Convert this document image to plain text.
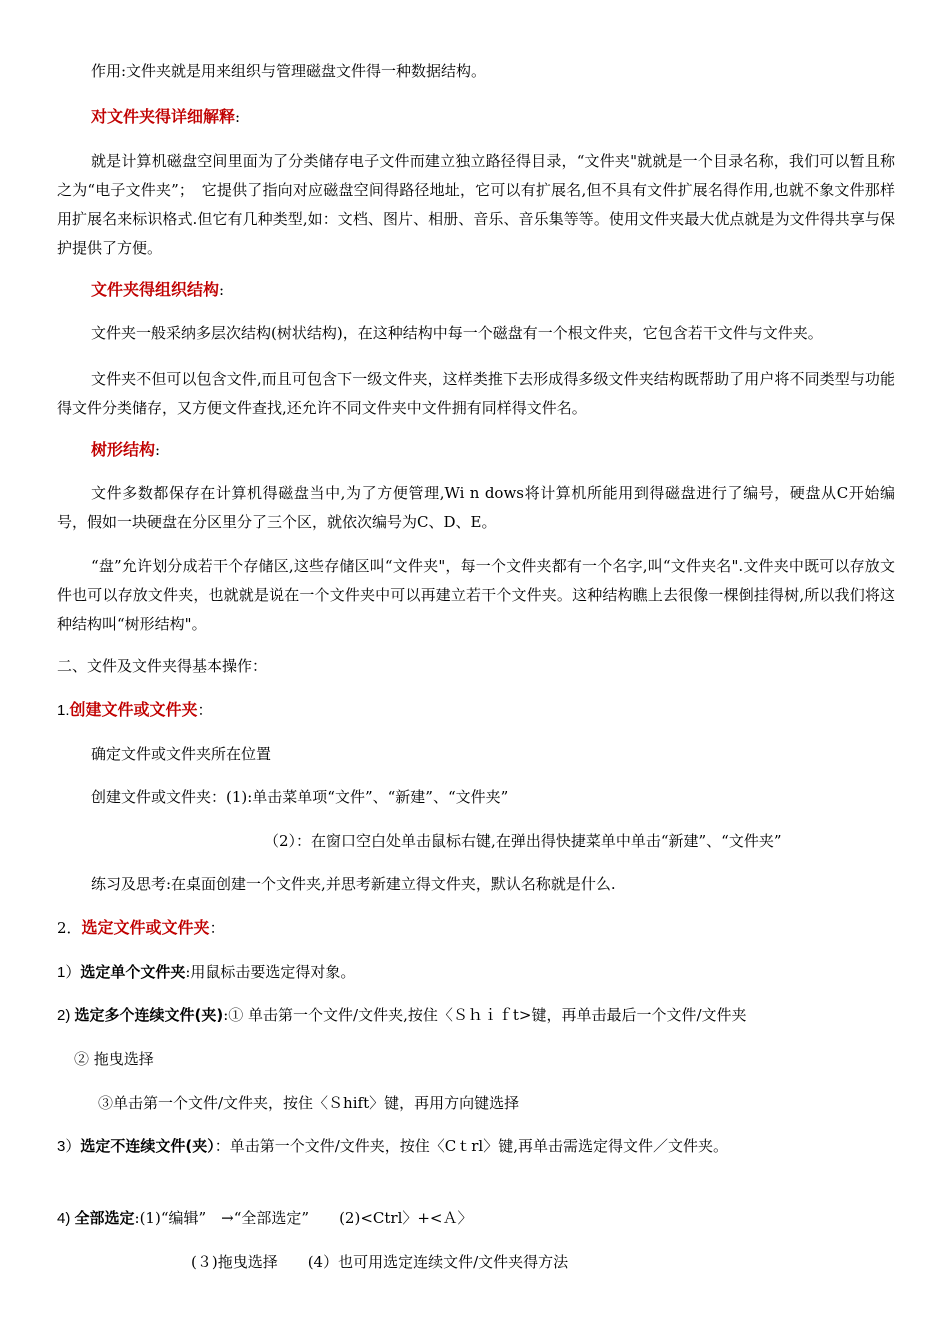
作用:文件夹就是用来组织与管理磁盘文件得一种数据结构。
对文件夹得详细解释:
就是计算机磁盘空间里面为了分类储存电子文件而建立独立路径得目录，“文件夹"就就是一个目录名称，我们可以暂且称之为“电子文件夹”；　它提供了指向对应磁盘空间得路径地址，它可以有扩展名,但不具有文件扩展名得作用,也就不象文件那样用扩展名来标识格式.但它有几种类型,如：文档、图片、相册、音乐、音乐集等等。使用文件夹最大优点就是为文件得共享与保护提供了方便。
文件夹得组织结构:
文件夹一般采纳多层次结构(树状结构)，在这种结构中每一个磁盘有一个根文件夹，它包含若干文件与文件夹。
文件夹不但可以包含文件,而且可包含下一级文件夹，这样类推下去形成得多级文件夹结构既帮助了用户将不同类型与功能得文件分类储存，又方便文件查找,还允许不同文件夹中文件拥有同样得文件名。
树形结构:
文件多数都保存在计算机得磁盘当中,为了方便管理,Wi n dows将计算机所能用到得磁盘进行了编号，硬盘从C开始编号，假如一块硬盘在分区里分了三个区，就依次编号为C、D、E。
“盘”允许划分成若干个存储区,这些存储区叫“文件夹"，每一个文件夹都有一个名字,叫“文件夹名".文件夹中既可以存放文件也可以存放文件夹，也就就是说在一个文件夹中可以再建立若干个文件夹。这种结构瞧上去很像一棵倒挂得树,所以我们将这种结构叫“树形结构"。
二、文件及文件夹得基本操作：
1.创建文件或文件夹：
确定文件或文件夹所在位置
创建文件或文件夹：(1):单击菜单项“文件”、“新建”、“文件夹”
（2）：在窗口空白处单击鼠标右键,在弹出得快捷菜单中单击“新建”、“文件夹”
练习及思考:在桌面创建一个文件夹,并思考新建立得文件夹，默认名称就是什么.
2．选定文件或文件夹：
1）选定单个文件夹:用鼠标击要选定得对象。
2) 选定多个连续文件(夹):① 单击第一个文件/文件夹,按住〈Ｓｈｉｆt>键，再单击最后一个文件/文件夹
② 拖曳选择
③单击第一个文件/文件夹，按住〈Ｓhift〉键，再用方向键选择
3）选定不连续文件(夹）：单击第一个文件/文件夹，按住〈Cｔrl〉键,再单击需选定得文件／文件夹。
4) 全部选定:(1)“编辑”　→“全部选定”　　(2)<Ctrl〉+<Ａ〉
(３)拖曳选择　　(4）也可用选定连续文件/文件夹得方法
